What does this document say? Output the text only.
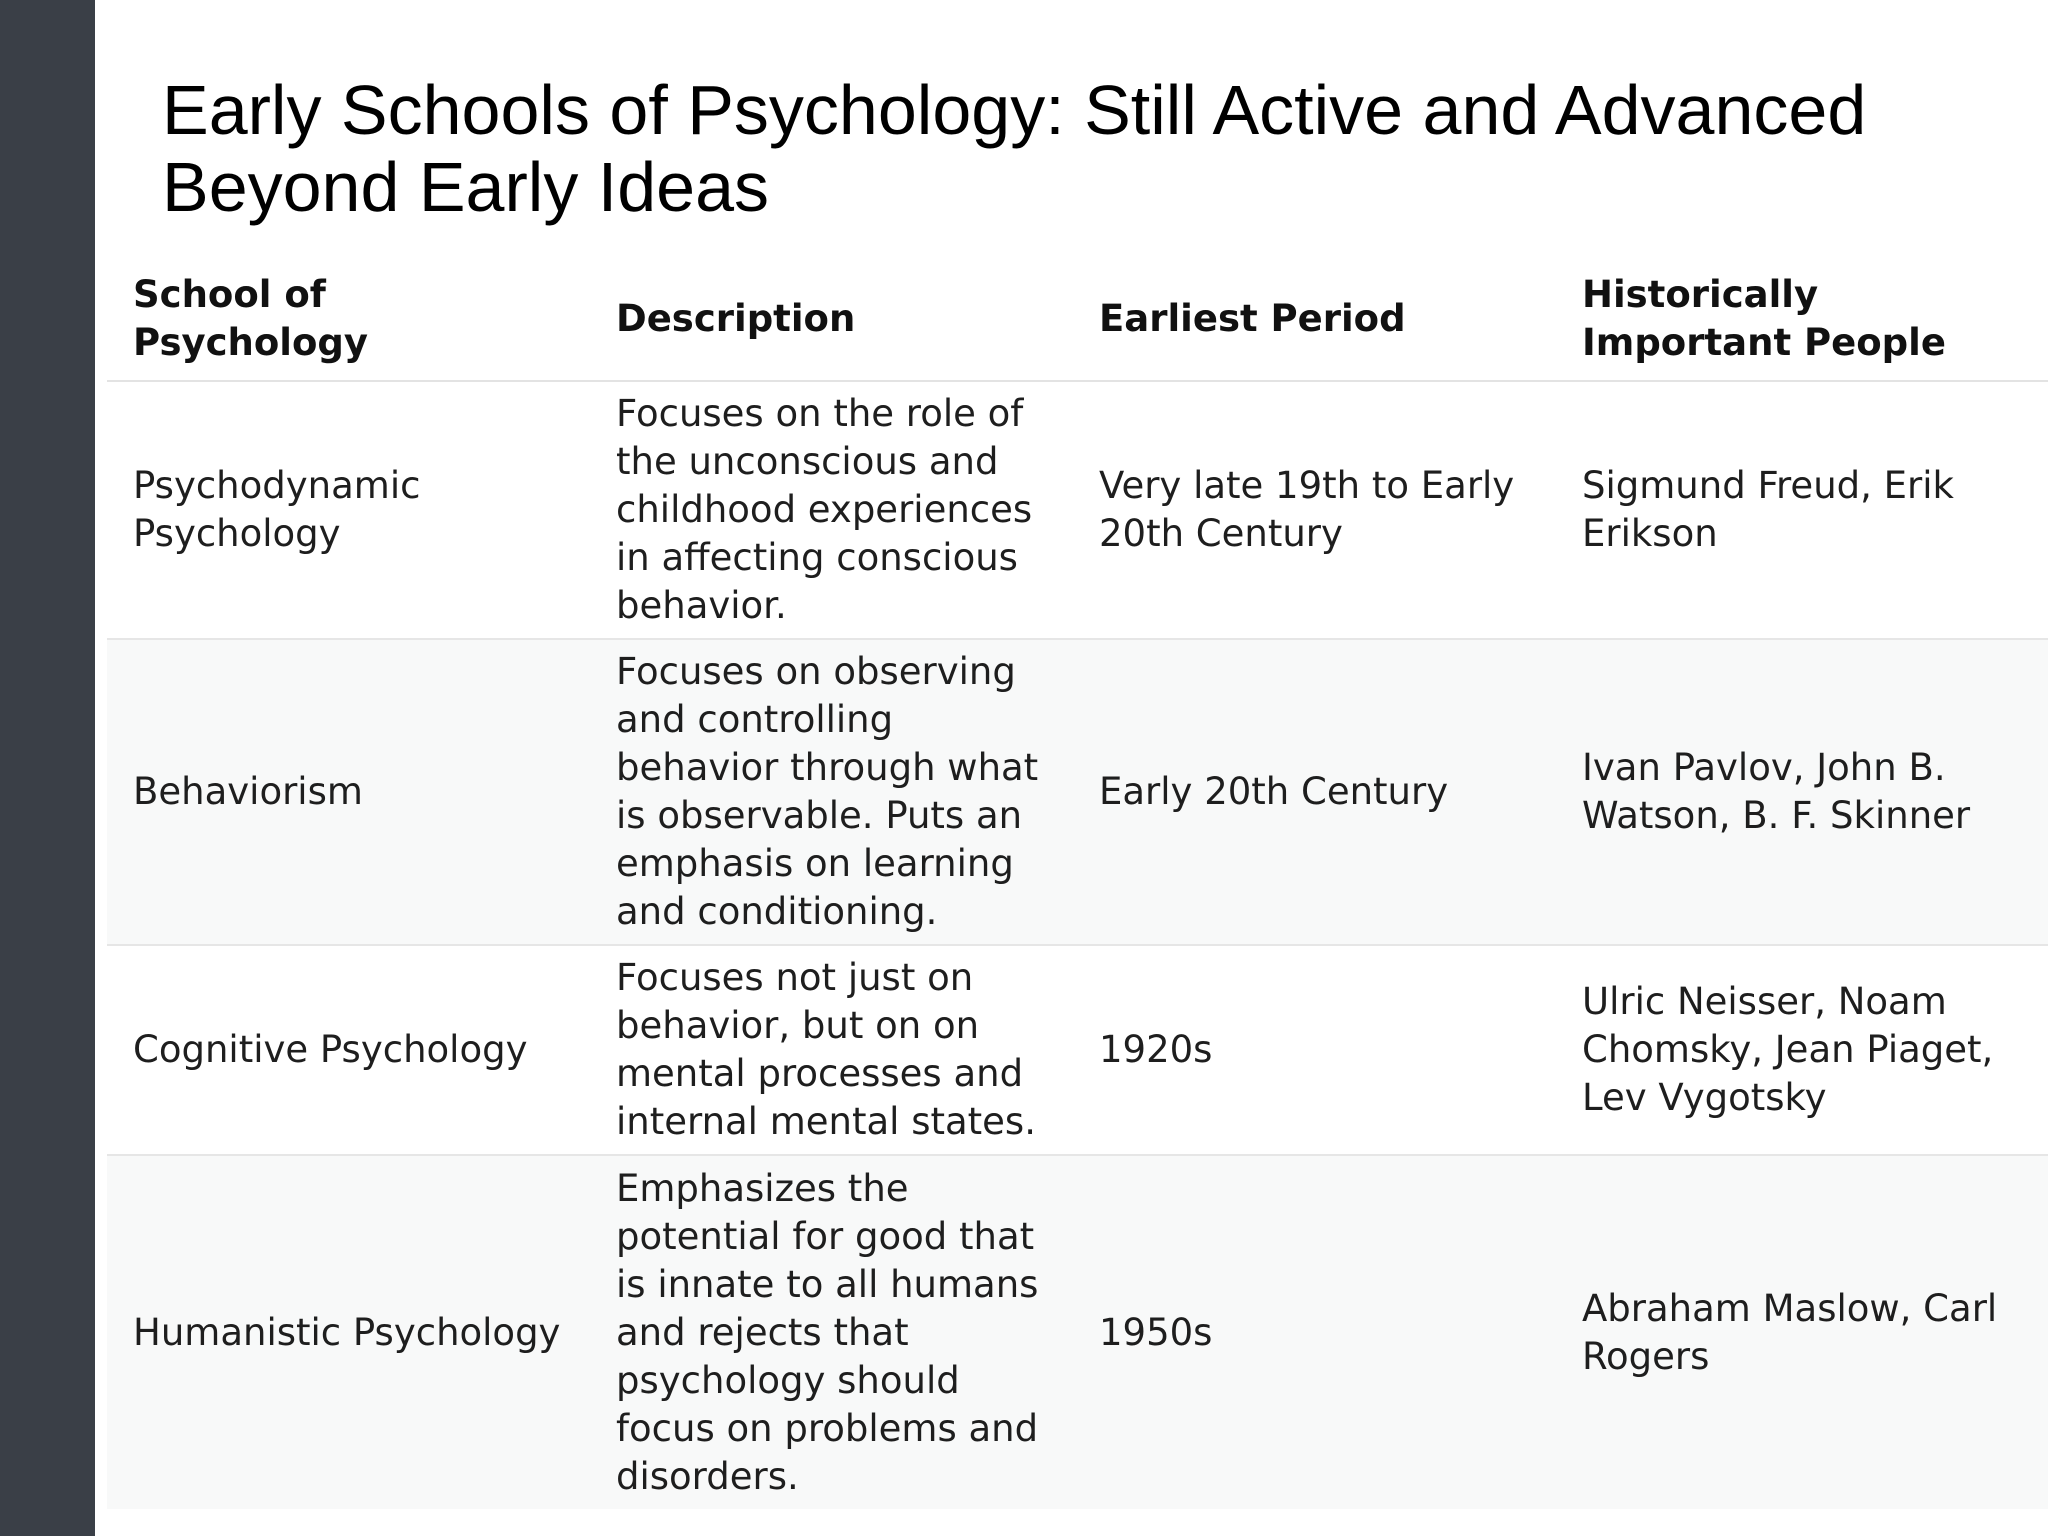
Early Schools of Psychology: Still Active and Advanced Beyond Early Ideas
School of Psychology	Description	Earliest Period	Historically Important People
Psychodynamic Psychology	Focuses on the role of the unconscious and childhood experiences in affecting conscious behavior.	Very late 19th to Early 20th Century	Sigmund Freud, Erik Erikson
Behaviorism	Focuses on observing and controlling behavior through what is observable. Puts an emphasis on learning and conditioning.	Early 20th Century	Ivan Pavlov, John B. Watson, B. F. Skinner
Cognitive Psychology	Focuses not just on behavior, but on on mental processes and internal mental states.	1920s	Ulric Neisser, Noam Chomsky, Jean Piaget, Lev Vygotsky
Humanistic Psychology	Emphasizes the potential for good that is innate to all humans and rejects that psychology should focus on problems and disorders.	1950s	Abraham Maslow, Carl Rogers
